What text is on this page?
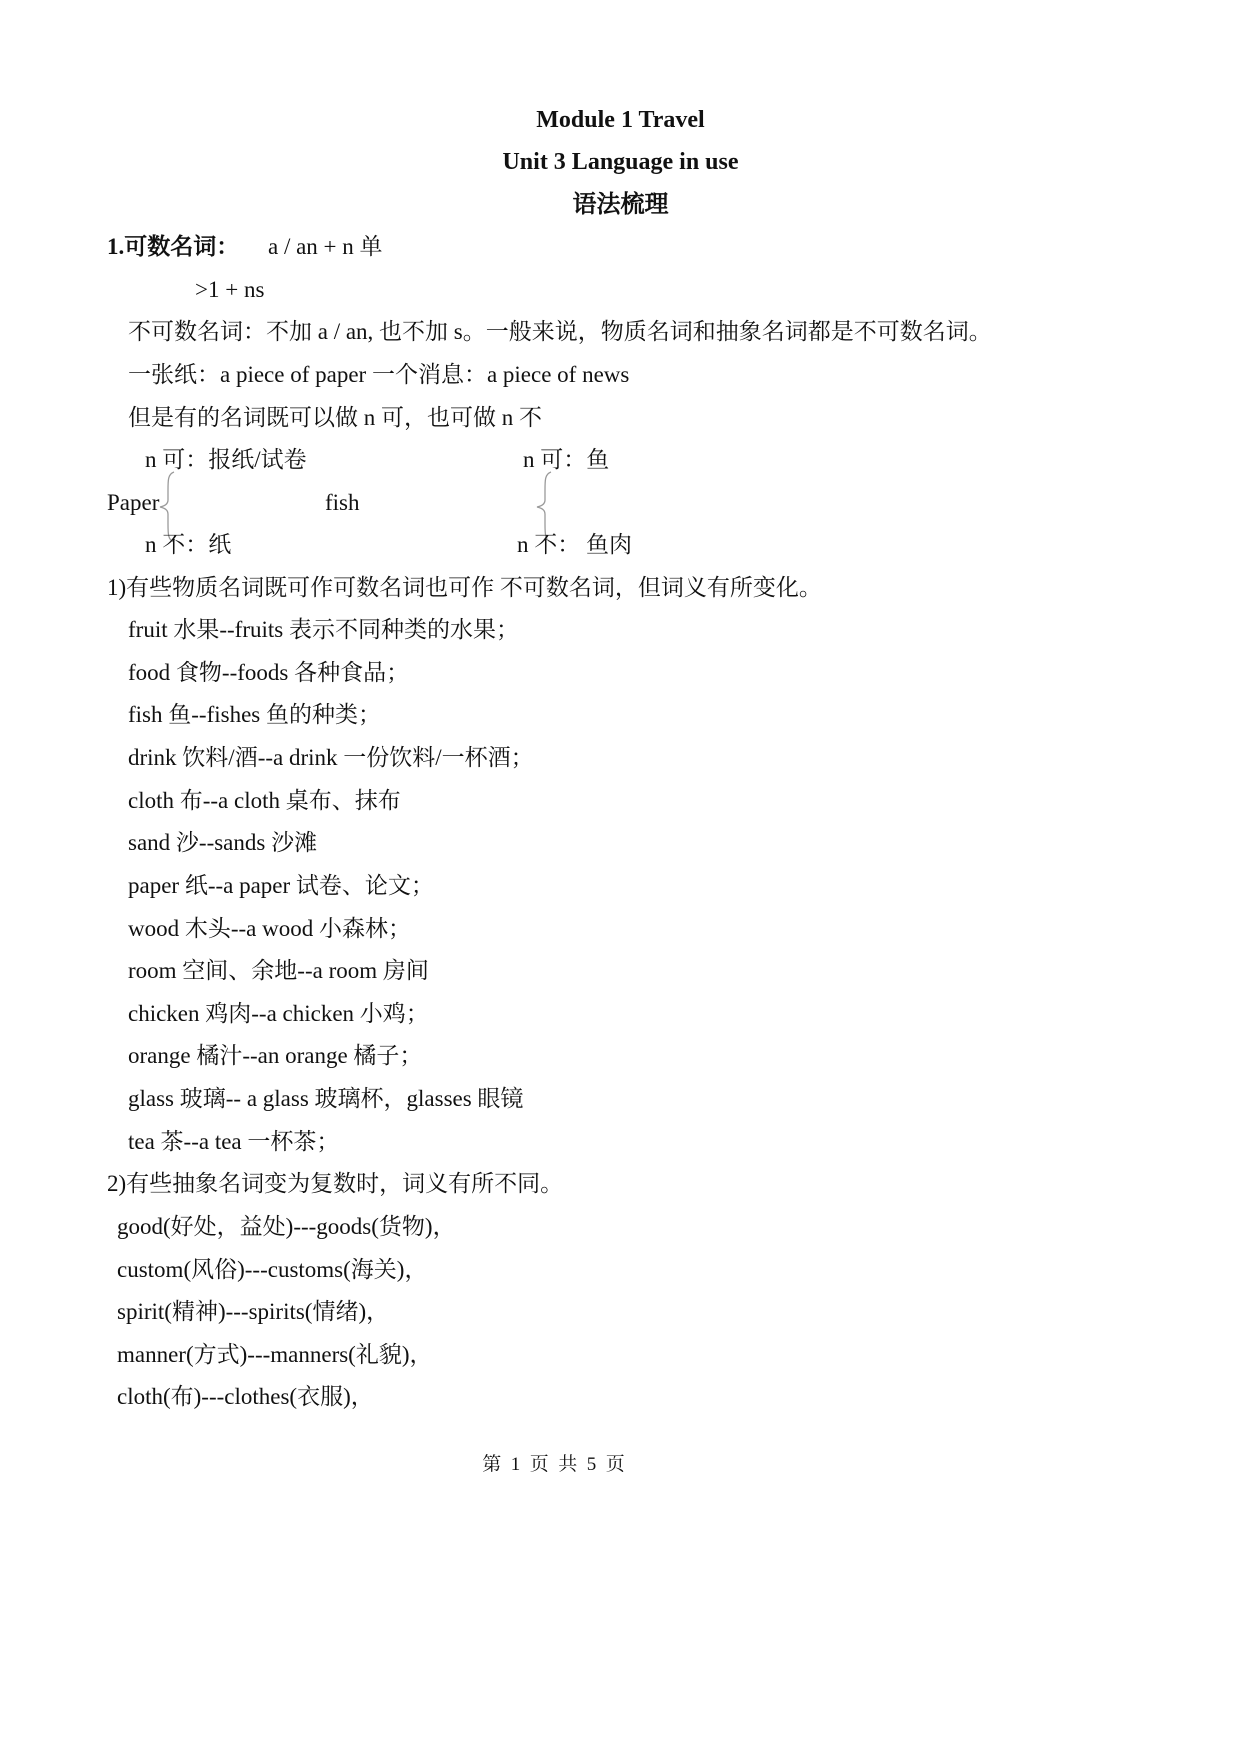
Module 1 Travel
Unit 3 Language in use
语法梳理
1.可数名词： a / an + n 单
>1 + ns
不可数名词：不加 a / an, 也不加 s。一般来说，物质名词和抽象名词都是不可数名词。
一张纸：a piece of paper 一个消息：a piece of news
但是有的名词既可以做 n 可，也可做 n 不
n 可：报纸/试卷
Paper
n 不：纸
fish
n 可：鱼
n 不： 鱼肉
1)有些物质名词既可作可数名词也可作 不可数名词，但词义有所变化。
fruit 水果--fruits 表示不同种类的水果；
food 食物--foods 各种食品；
fish 鱼--fishes 鱼的种类；
drink 饮料/酒--a drink 一份饮料/一杯酒；
cloth 布--a cloth 桌布、抹布
sand 沙--sands 沙滩
paper 纸--a paper 试卷、论文；
wood 木头--a wood 小森林；
room 空间、余地--a room 房间
chicken 鸡肉--a chicken 小鸡；
orange 橘汁--an orange 橘子；
glass 玻璃-- a glass 玻璃杯，glasses 眼镜
tea 茶--a tea 一杯茶；
2)有些抽象名词变为复数时，词义有所不同。
good(好处，益处)---goods(货物)，
custom(风俗)---customs(海关)，
spirit(精神)---spirits(情绪)，
manner(方式)---manners(礼貌)，
cloth(布)---clothes(衣服)，
第  1  页  共  5  页
